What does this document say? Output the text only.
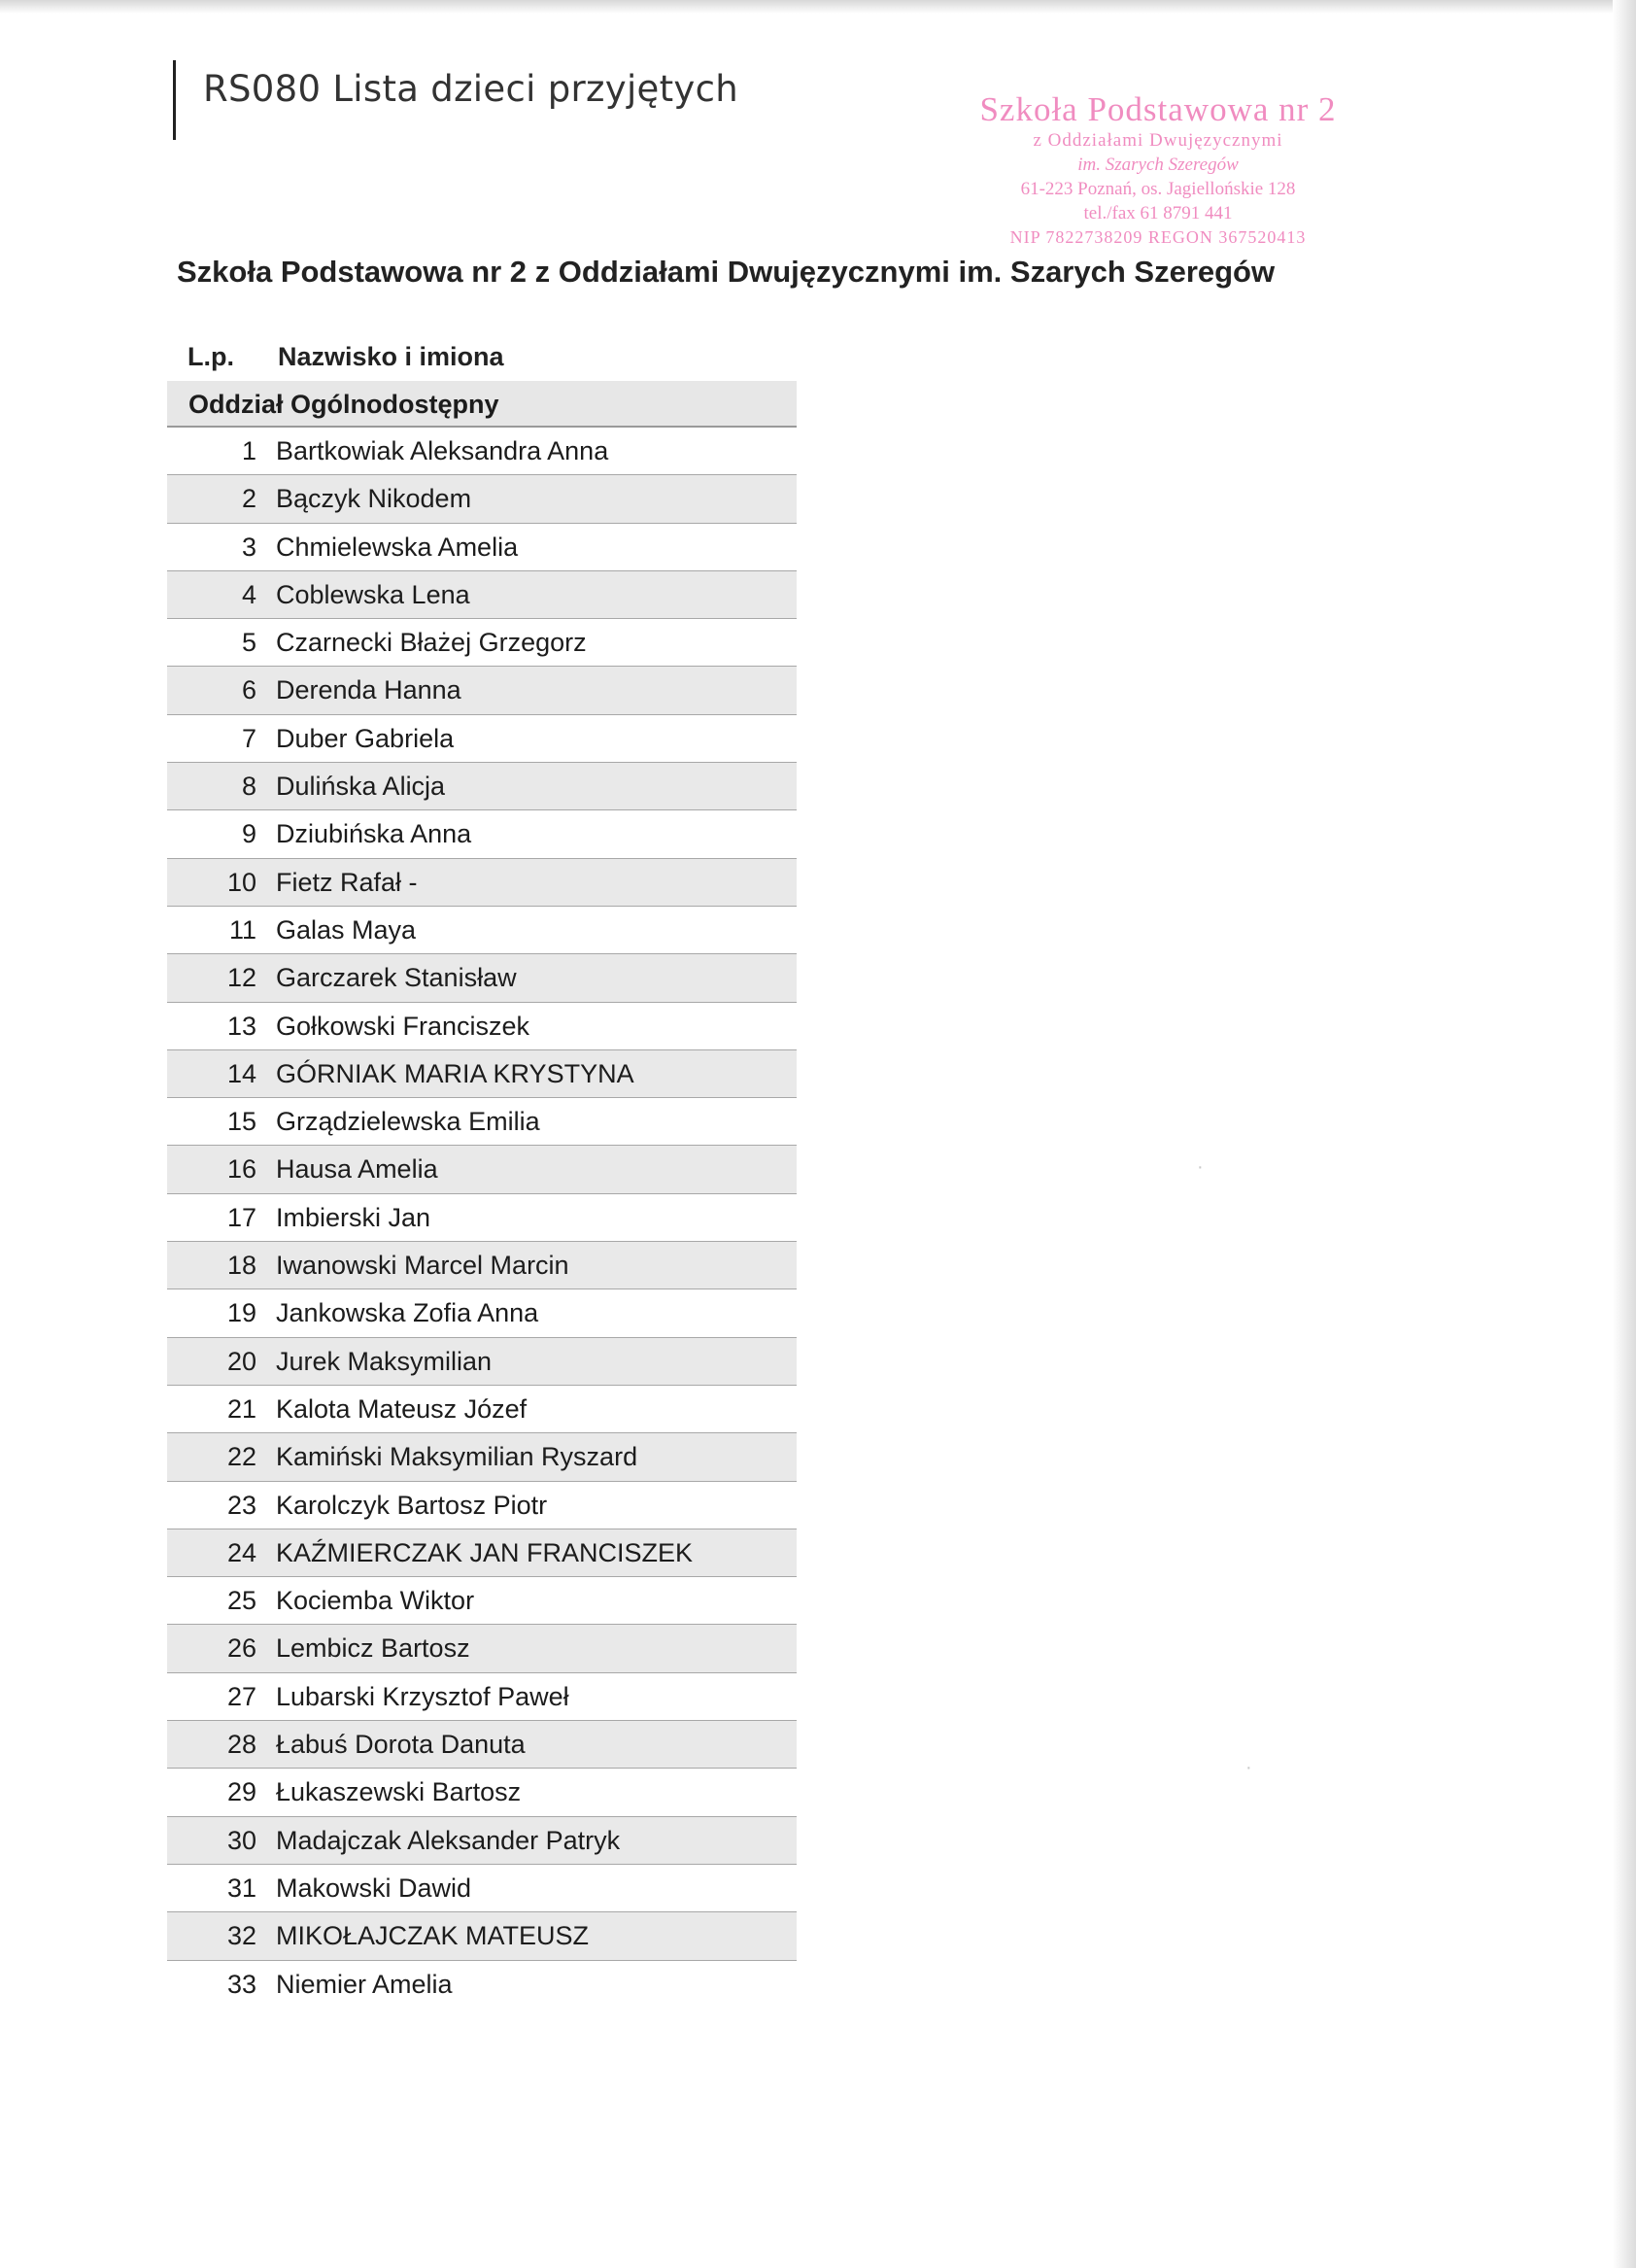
RS080 Lista dzieci przyjętych	Szkoła Podstawowa nr 2
z Oddziałami Dwujęzycznymi
im. Szarych Szeregów
61-223 Poznań, os. Jagiellońskie 128
tel./fax 61 8791 441
NIP 7822738209 REGON 367520413
Szkoła Podstawowa nr 2 z Oddziałami Dwujęzycznymi im. Szarych Szeregów
L.p. Nazwisko i imiona
Oddział Ogólnodostępny
1 Bartkowiak Aleksandra Anna
2 Bączyk Nikodem
3 Chmielewska Amelia
4 Coblewska Lena
5 Czarnecki Błażej Grzegorz
6 Derenda Hanna
7 Duber Gabriela
8 Dulińska Alicja
9 Dziubińska Anna
10 Fietz Rafał -
11 Galas Maya
12 Garczarek Stanisław
13 Gołkowski Franciszek
14 GÓRNIAK MARIA KRYSTYNA
15 Grządzielewska Emilia
16 Hausa Amelia
17 Imbierski Jan
18 Iwanowski Marcel Marcin
19 Jankowska Zofia Anna
20 Jurek Maksymilian
21 Kalota Mateusz Józef
22 Kamiński Maksymilian Ryszard
23 Karolczyk Bartosz Piotr
24 KAŹMIERCZAK JAN FRANCISZEK
25 Kociemba Wiktor
26 Lembicz Bartosz
27 Lubarski Krzysztof Paweł
28 Łabuś Dorota Danuta
29 Łukaszewski Bartosz
30 Madajczak Aleksander Patryk
31 Makowski Dawid
32 MIKOŁAJCZAK MATEUSZ
33 Niemier Amelia
·
·
